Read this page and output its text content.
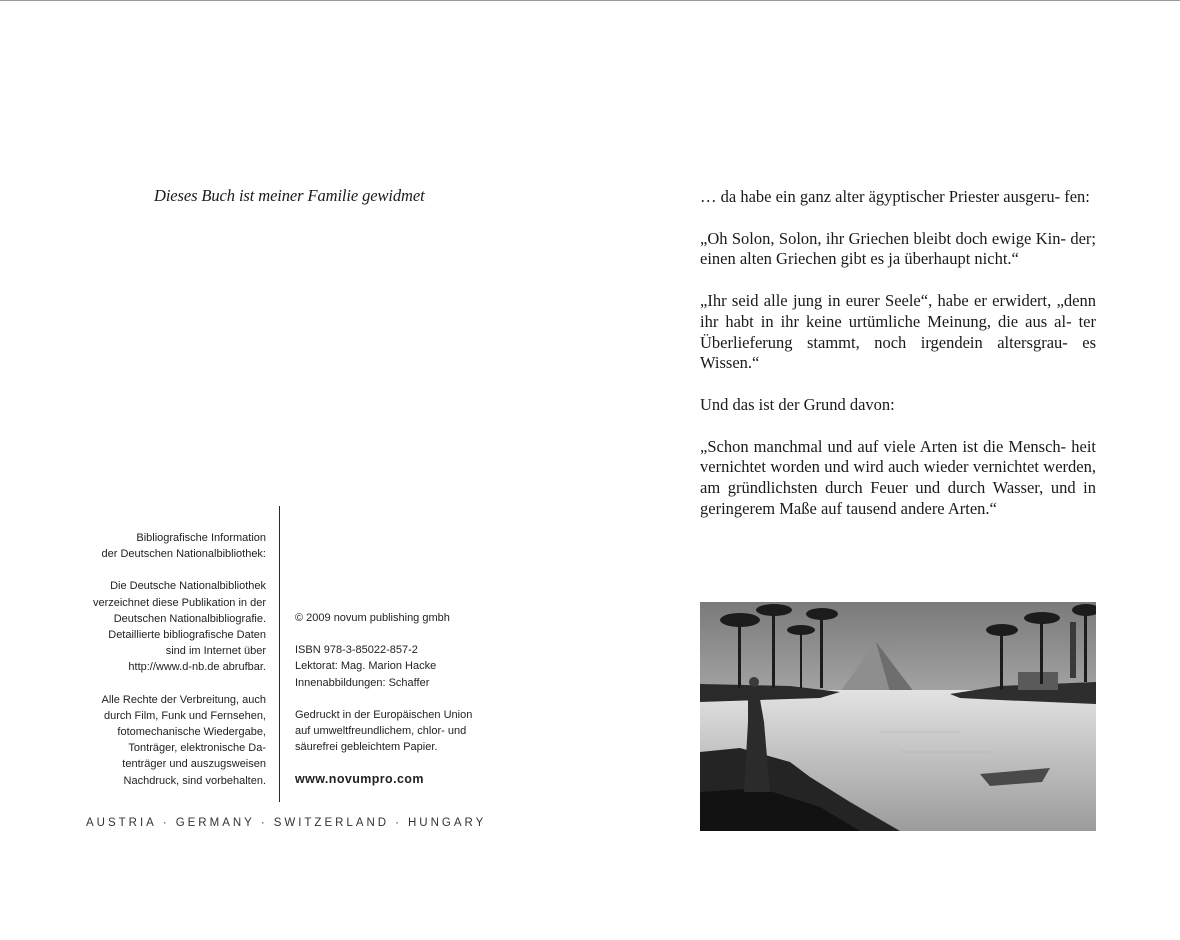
Dieses Buch ist meiner Familie gewidmet

Bibliografische Information
der Deutschen Nationalbibliothek:

Die Deutsche Nationalbibliothek
verzeichnet diese Publikation in der
Deutschen Nationalbibliografie.
Detaillierte bibliografische Daten
sind im Internet über
http://www.d-nb.de abrufbar.

Alle Rechte der Verbreitung, auch
durch Film, Funk und Fernsehen,
fotomechanische Wiedergabe,
Tonträger, elektronische Da-
tenträger und auszugsweisen
Nachdruck, sind vorbehalten.

© 2009 novum publishing gmbh

ISBN 978-3-85022-857-2
Lektorat: Mag. Marion Hacke
Innenabbildungen: Schaffer

Gedruckt in der Europäischen Union
auf umweltfreundlichem, chlor- und
säurefrei gebleichtem Papier.

www.novumpro.com

AUSTRIA · GERMANY · SWITZERLAND · HUNGARY

… da habe ein ganz alter ägyptischer Priester ausgeru- fen:

„Oh Solon, Solon, ihr Griechen bleibt doch ewige Kin- der; einen alten Griechen gibt es ja überhaupt nicht.“

„Ihr seid alle jung in eurer Seele“, habe er erwidert, „denn ihr habt in ihr keine urtümliche Meinung, die aus al- ter Überlieferung stammt, noch irgendein altersgrau- es Wissen.“

Und das ist der Grund davon:

„Schon manchmal und auf viele Arten ist die Mensch- heit vernichtet worden und wird auch wieder vernichtet werden, am gründlichsten durch Feuer und durch Wasser, und in geringerem Maße auf tausend andere Arten.“
